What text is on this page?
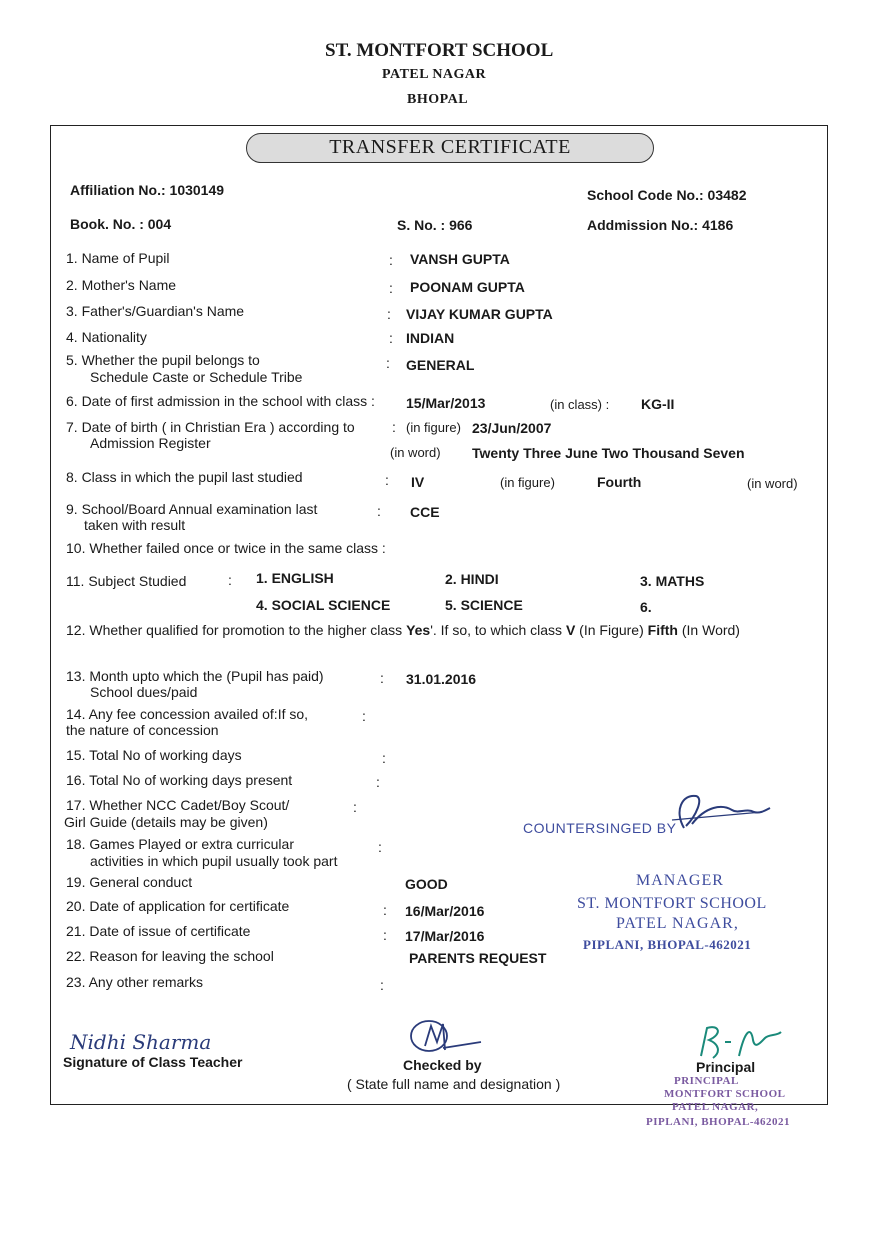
ST. MONTFORT SCHOOL
PATEL NAGAR
BHOPAL
TRANSFER CERTIFICATE
Affiliation No.: 1030149	School Code No.: 03482
Book. No. : 004	S. No. : 966	Addmission No.: 4186
1. Name of Pupil	: VANSH GUPTA
2. Mother's Name	: POONAM GUPTA
3. Father's/Guardian's Name	: VIJAY KUMAR GUPTA
4. Nationality	: INDIAN
5. Whether the pupil belongs to
Schedule Caste or Schedule Tribe
: GENERAL
6. Date of first admission in the school with class : 15/Mar/2013	(in class) : KG-II
7. Date of birth ( in Christian Era ) according to
Admission Register
: (in figure) 23/Jun/2007
(in word) Twenty Three June Two Thousand Seven
8. Class in which the pupil last studied	: IV	(in figure)	Fourth	(in word)
9. School/Board Annual examination last
taken with result
: CCE
10. Whether failed once or twice in the same class :
11. Subject Studied	: 1. ENGLISH	2. HINDI	3. MATHS
4. SOCIAL SCIENCE	5. SCIENCE	6.
12. Whether qualified for promotion to the higher class Yes'. If so, to which class V (In Figure) Fifth (In Word)
13. Month upto which the (Pupil has paid)
School dues/paid
: 31.01.2016
14. Any fee concession availed of:If so,
the nature of concession
:
15. Total No of working days	:
16. Total No of working days present	:
17. Whether NCC Cadet/Boy Scout/
Girl Guide (details may be given)
:
18. Games Played or extra curricular
activities in which pupil usually took part
:
19. General conduct	GOOD
20. Date of application for certificate	: 16/Mar/2016
21. Date of issue of certificate	: 17/Mar/2016
22. Reason for leaving the school	PARENTS REQUEST
23. Any other remarks	:
COUNTERSINGED BY
MANAGER
ST. MONTFORT SCHOOL
PATEL NAGAR,
PIPLANI, BHOPAL-462021
Nidhi Sharma
Signature of Class Teacher	Checked by
( State full name and designation )
Principal
PRINCIPAL
MONTFORT SCHOOL
PATEL NAGAR,
PIPLANI, BHOPAL-462021
